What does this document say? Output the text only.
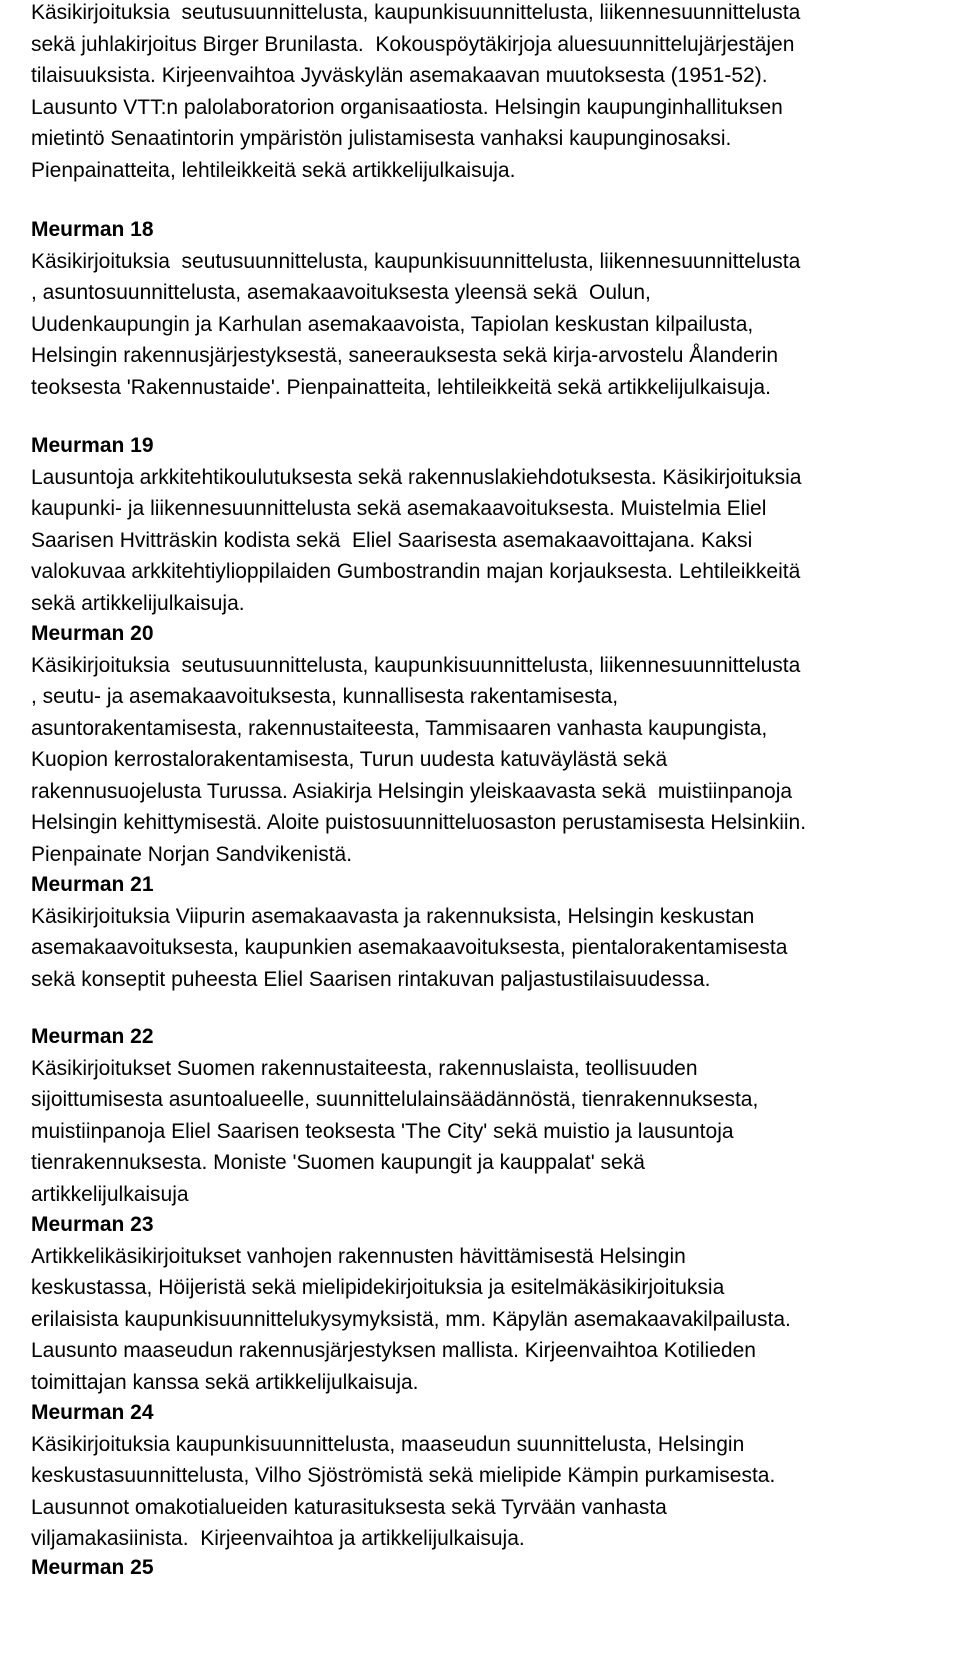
Käsikirjoituksia  seutusuunnittelusta, kaupunkisuunnittelusta, liikennesuunnittelusta
sekä juhlakirjoitus Birger Brunilasta.  Kokouspöytäkirjoja aluesuunnittelujärjestäjen
tilaisuuksista. Kirjeenvaihtoa Jyväskylän asemakaavan muutoksesta (1951-52).
Lausunto VTT:n palolaboratorion organisaatiosta. Helsingin kaupunginhallituksen
mietintö Senaatintorin ympäristön julistamisesta vanhaksi kaupunginosaksi.
Pienpainatteita, lehtileikkeitä sekä artikkelijulkaisuja.
Meurman 18
Käsikirjoituksia  seutusuunnittelusta, kaupunkisuunnittelusta, liikennesuunnittelusta
, asuntosuunnittelusta, asemakaavoituksesta yleensä sekä  Oulun,
Uudenkaupungin ja Karhulan asemakaavoista, Tapiolan keskustan kilpailusta,
Helsingin rakennusjärjestyksestä, saneerauksesta sekä kirja-arvostelu Ålanderin
teoksesta 'Rakennustaide'. Pienpainatteita, lehtileikkeitä sekä artikkelijulkaisuja.
Meurman 19
Lausuntoja arkkitehtikoulutuksesta sekä rakennuslakiehdotuksesta. Käsikirjoituksia
kaupunki- ja liikennesuunnittelusta sekä asemakaavoituksesta. Muistelmia Eliel
Saarisen Hvitträskin kodista sekä  Eliel Saarisesta asemakaavoittajana. Kaksi
valokuvaa arkkitehtiylioppilaiden Gumbostrandin majan korjauksesta. Lehtileikkeitä
sekä artikkelijulkaisuja.
Meurman 20
Käsikirjoituksia  seutusuunnittelusta, kaupunkisuunnittelusta, liikennesuunnittelusta
, seutu- ja asemakaavoituksesta, kunnallisesta rakentamisesta,
asuntorakentamisesta, rakennustaiteesta, Tammisaaren vanhasta kaupungista,
Kuopion kerrostalorakentamisesta, Turun uudesta katuväylästä sekä
rakennusuojelusta Turussa. Asiakirja Helsingin yleiskaavasta sekä  muistiinpanoja
Helsingin kehittymisestä. Aloite puistosuunnitteluosaston perustamisesta Helsinkiin.
Pienpainate Norjan Sandvikenistä.
Meurman 21
Käsikirjoituksia Viipurin asemakaavasta ja rakennuksista, Helsingin keskustan
asemakaavoituksesta, kaupunkien asemakaavoituksesta, pientalorakentamisesta
sekä konseptit puheesta Eliel Saarisen rintakuvan paljastustilaisuudessa.
Meurman 22
Käsikirjoitukset Suomen rakennustaiteesta, rakennuslaista, teollisuuden
sijoittumisesta asuntoalueelle, suunnittelulainsäädännöstä, tienrakennuksesta,
muistiinpanoja Eliel Saarisen teoksesta 'The City' sekä muistio ja lausuntoja
tienrakennuksesta. Moniste 'Suomen kaupungit ja kauppalat' sekä
artikkelijulkaisuja
Meurman 23
Artikkelikäsikirjoitukset vanhojen rakennusten hävittämisestä Helsingin
keskustassa, Höijeristä sekä mielipidekirjoituksia ja esitelmäkäsikirjoituksia
erilaisista kaupunkisuunnittelukysymyksistä, mm. Käpylän asemakaavakilpailusta.
Lausunto maaseudun rakennusjärjestyksen mallista. Kirjeenvaihtoa Kotilieden
toimittajan kanssa sekä artikkelijulkaisuja.
Meurman 24
Käsikirjoituksia kaupunkisuunnittelusta, maaseudun suunnittelusta, Helsingin
keskustasuunnittelusta, Vilho Sjöströmistä sekä mielipide Kämpin purkamisesta.
Lausunnot omakotialueiden katurasituksesta sekä Tyrvään vanhasta
viljamakasiinista.  Kirjeenvaihtoa ja artikkelijulkaisuja.
Meurman 25
